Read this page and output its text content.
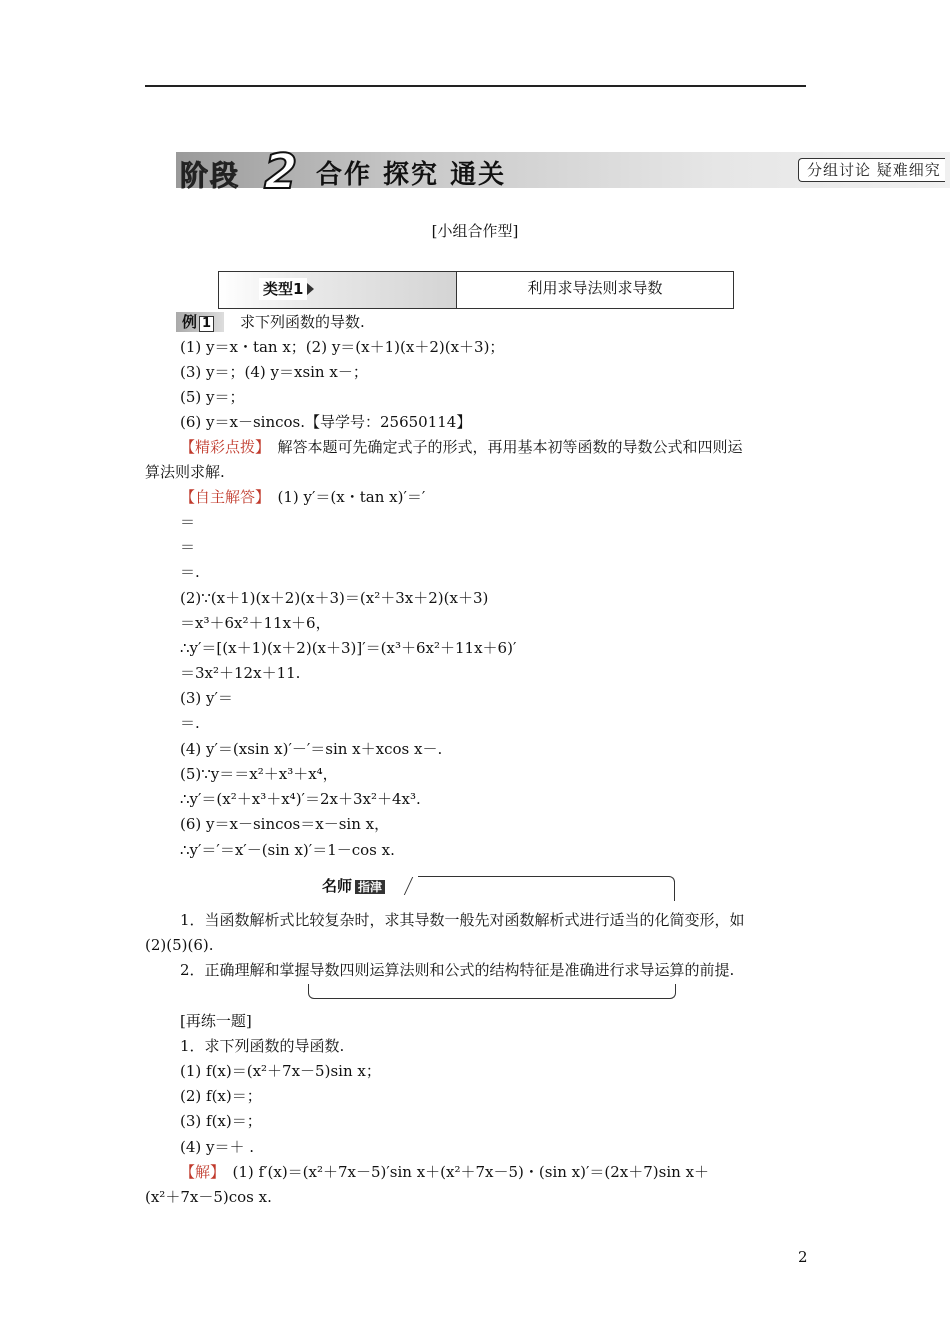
阶段 2 合作 探究 通关	分组讨论 疑难细究
[小组合作型]
类型1	利用求导法则求导数
例 1	求下列函数的导数.
(1) y＝x・tan x；(2) y＝(x＋1)(x＋2)(x＋3)；
(3) y＝；(4) y＝xsin x－；
(5) y＝；
(6) y＝x－sincos.【导学号：25650114】
【精彩点拨】　 解答本题可先确定式子的形式，再用基本初等函数的导数公式和四则运
算法则求解.
【自主解答】　 (1) y′＝(x・tan x)′＝′
＝
＝
＝.
(2)∵(x＋1)(x＋2)(x＋3)＝(x²＋3x＋2)(x＋3)
＝x³＋6x²＋11x＋6，
∴y′＝[(x＋1)(x＋2)(x＋3)]′＝(x³＋6x²＋11x＋6)′
＝3x²＋12x＋11.
(3) y′＝
＝.
(4) y′＝(xsin x)′－′＝sin x＋xcos x－.
(5)∵y＝＝x²＋x³＋x⁴，
∴y′＝(x²＋x³＋x⁴)′＝2x＋3x²＋4x³.
(6) y＝x－sincos＝x－sin x，
∴y′＝′＝x′－(sin x)′＝1－cos x.
名师 指津
1．当函数解析式比较复杂时，求其导数一般先对函数解析式进行适当的化简变形，如
(2)(5)(6).
2．正确理解和掌握导数四则运算法则和公式的结构特征是准确进行求导运算的前提.
[再练一题]
1．求下列函数的导函数.
(1) f(x)＝(x²＋7x－5)sin x；
(2) f(x)＝；
(3) f(x)＝；
(4) y＝＋ .
【解】　 (1) f′(x)＝(x²＋7x－5)′sin x＋(x²＋7x－5)・(sin x)′＝(2x＋7)sin x＋
(x²＋7x－5)cos x.
2
